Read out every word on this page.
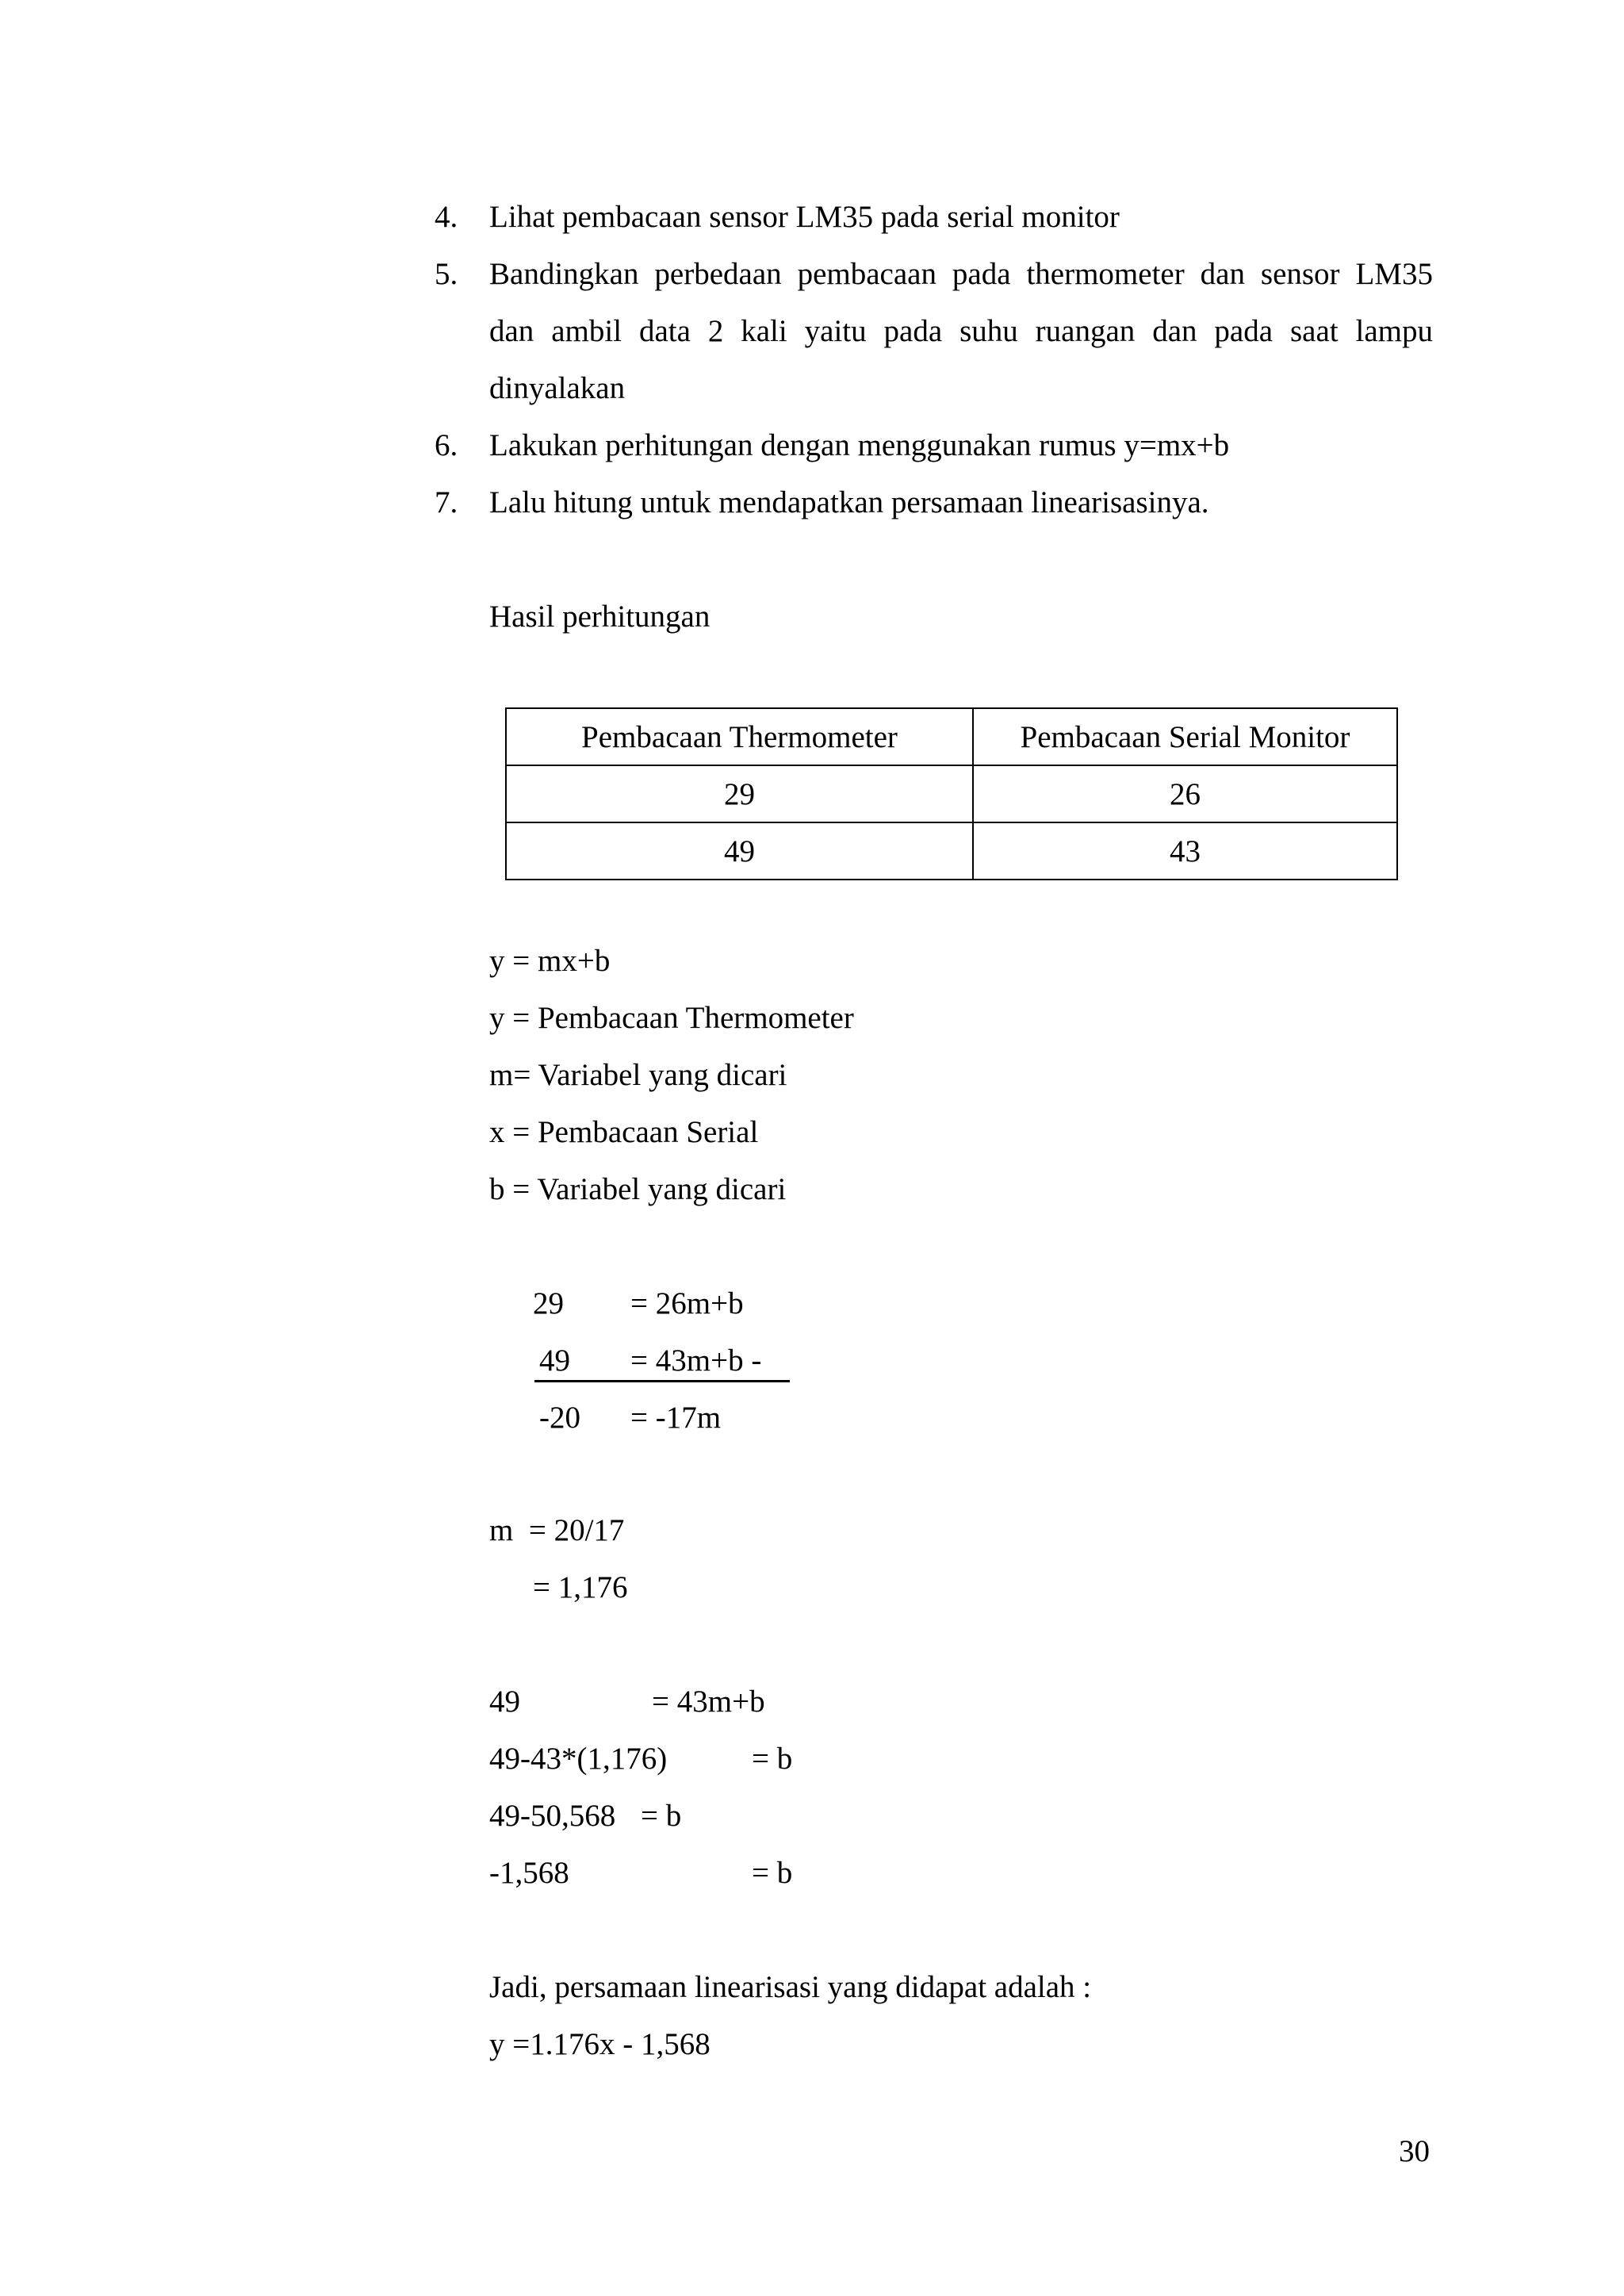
4. Lihat pembacaan sensor LM35 pada serial monitor
5. Bandingkan perbedaan pembacaan pada thermometer dan sensor LM35
dan ambil data 2 kali yaitu pada suhu ruangan dan pada saat lampu
dinyalakan
6. Lakukan perhitungan dengan menggunakan rumus y=mx+b
7. Lalu hitung untuk mendapatkan persamaan linearisasinya.
Hasil perhitungan
Pembacaan Thermometer	Pembacaan Serial Monitor
29	26
49	43
y = mx+b
y = Pembacaan Thermometer
m= Variabel yang dicari
x = Pembacaan Serial
b = Variabel yang dicari
29 = 26m+b
49 = 43m+b -
-20 = -17m
m  = 20/17
= 1,176
49	= 43m+b
49-43*(1,176)	= b
49-50,568 = b
-1,568	= b
Jadi, persamaan linearisasi yang didapat adalah :
y =1.176x - 1,568
30
